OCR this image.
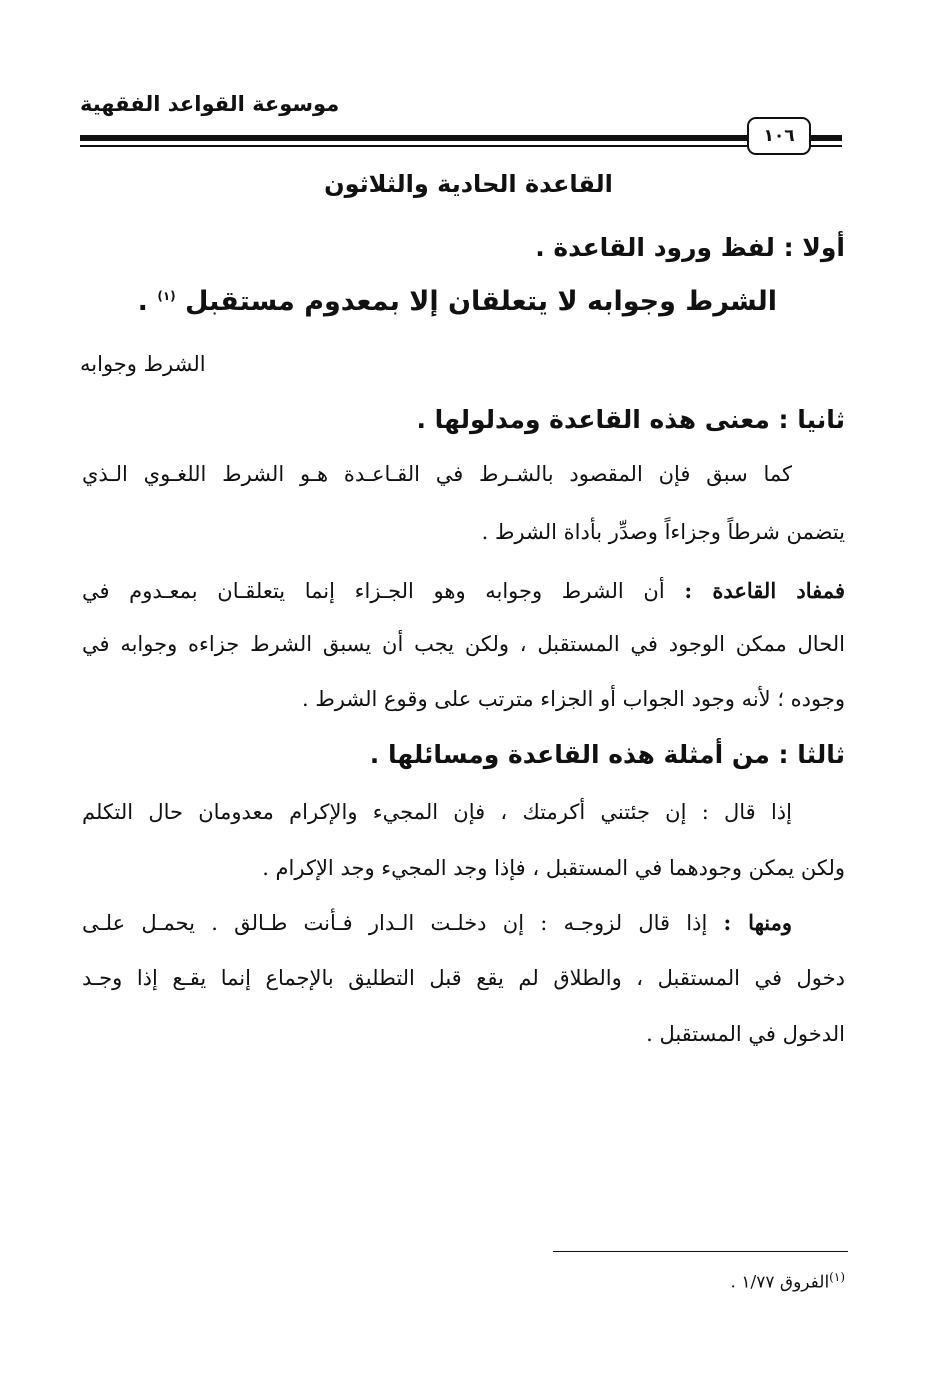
موسوعة القواعد الفقهية
١٠٦
القاعدة الحادية والثلاثون
أولا : لفظ ورود القاعدة .
الشرط وجوابه لا يتعلقان إلا بمعدوم مستقبل $^{(١)}$ .
الشرط وجوابه
ثانيا : معنى هذه القاعدة ومدلولها .
كما سبق فإن المقصود بالشـرط في القـاعـدة هـو الشرط اللغـوي الـذي
يتضمن شرطاً وجزاءاً وصدِّر بأداة الشرط .
فمفاد القاعدة : أن الشرط وجوابه وهو الجـزاء إنما يتعلقـان بمعـدوم في
الحال ممكن الوجود في المستقبل ، ولكن يجب أن يسبق الشرط جزاءه وجوابه في
وجوده ؛ لأنه وجود الجواب أو الجزاء مترتب على وقوع الشرط .
ثالثا : من أمثلة هذه القاعدة ومسائلها .
إذا قال : إن جئتني أكرمتك ، فإن المجيء والإكرام معدومان حال التكلم
ولكن يمكن وجودهما في المستقبل ، فإذا وجد المجيء وجد الإكرام .
ومنها : إذا قال لزوجـه : إن دخلـت الـدار فـأنت طـالق . يحمـل علـى
دخول في المستقبل ، والطلاق لم يقع قبل التطليق بالإجماع إنما يقـع إذا وجـد
الدخول في المستقبل .
$^{(١)}$الفروق ١/٧٧ .
